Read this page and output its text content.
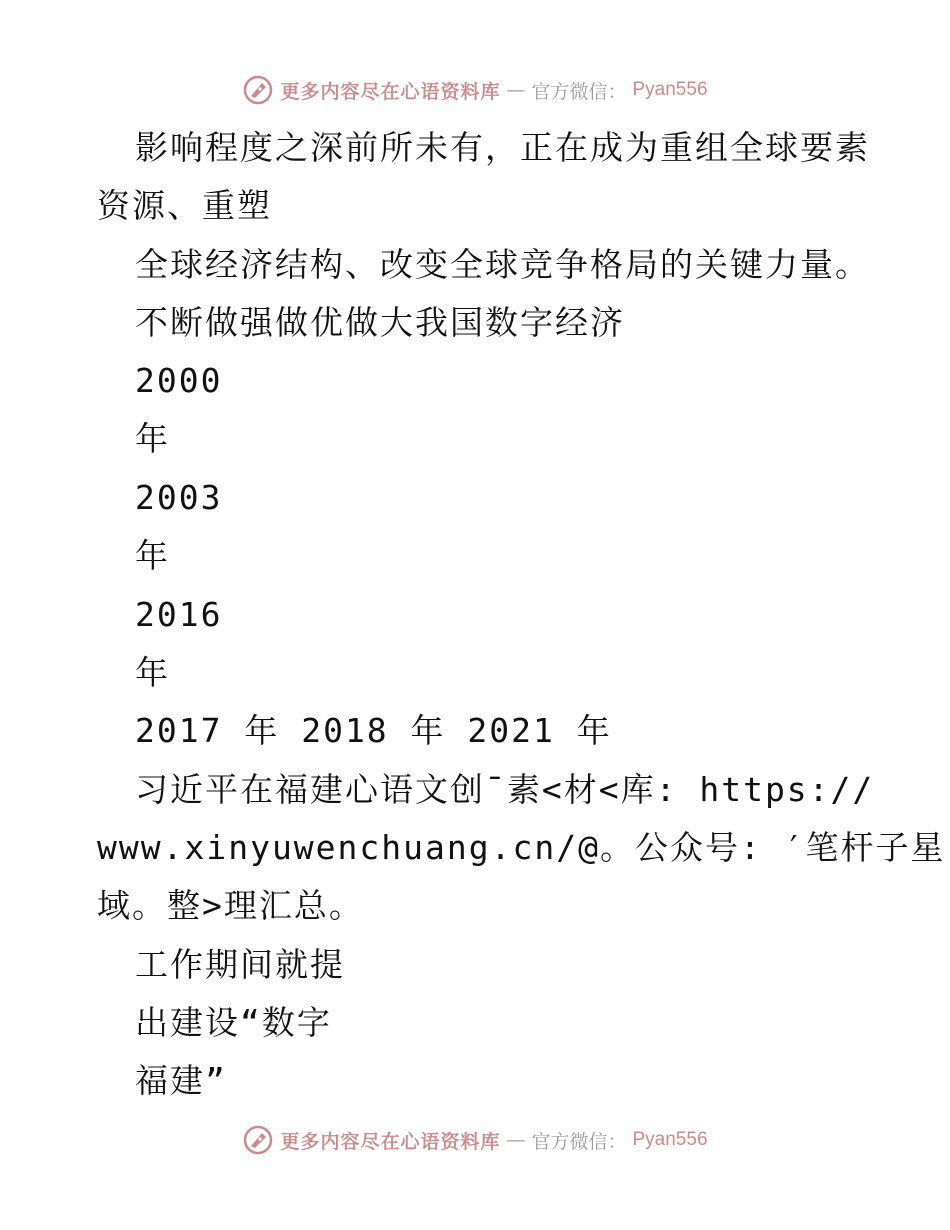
更多内容尽在心语资料库 — 官方微信： Pyan556
影响程度之深前所未有，正在成为重组全球要素
资源、重塑
全球经济结构、改变全球竞争格局的关键力量。
不断做强做优做大我国数字经济
2000
年
2003
年
2016
年
2017 年 2018 年 2021 年
习近平在福建心语文创¯素<材<库: https://
www.xinyuwenchuang.cn/@。公众号: ′笔杆子星
域。整>理汇总。
工作期间就提
出建设“数字
福建”
更多内容尽在心语资料库 — 官方微信： Pyan556
